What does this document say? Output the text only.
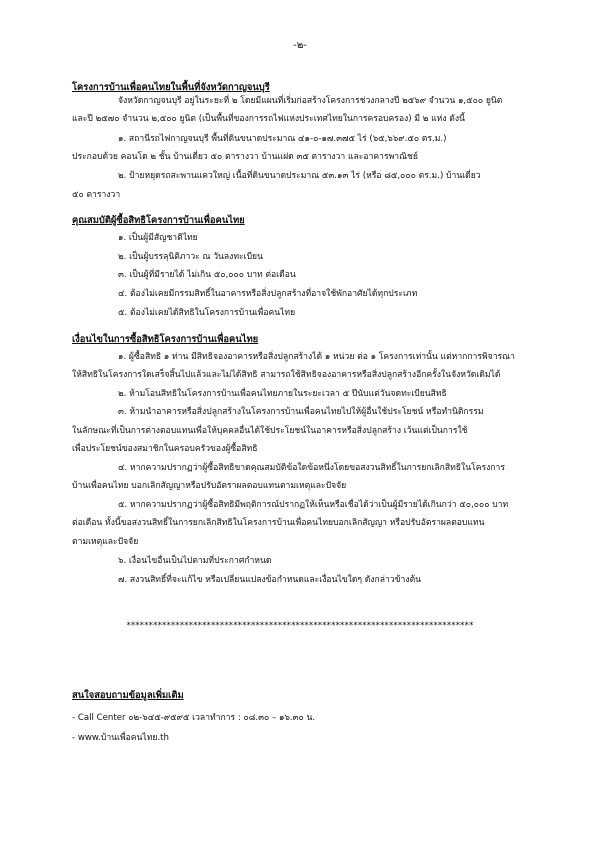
-๒-
โครงการบ้านเพื่อคนไทยในพื้นที่จังหวัดกาญจนบุรี
จังหวัดกาญจนบุรี อยู่ในระยะที่ ๒ โดยมีแผนที่เริ่มก่อสร้างโครงการช่วงกลางปี ๒๕๖๙ จำนวน ๑,๕๐๐ ยูนิต
และปี ๒๕๗๐ จำนวน ๒,๕๐๐ ยูนิต (เป็นพื้นที่ของการรถไฟแห่งประเทศไทยในการครอบครอง) มี ๒ แห่ง ดังนี้
๑. สถานีรถไฟกาญจนบุรี พื้นที่ดินขนาดประมาณ ๔๑-๐-๑๗.๓๗๕ ไร่ (๖๕,๖๖๙.๕๐ ตร.ม.)
ประกอบด้วย คอนโด ๒ ชั้น บ้านเดี่ยว ๕๐ ตารางวา บ้านแฝด ๓๕ ตารางวา และอาคารพาณิชย์
๒. ป้ายหยุดรถสะพานแควใหญ่ เนื้อที่ดินขนาดประมาณ ๕๓.๑๓ ไร่ (หรือ ๘๕,๐๐๐ ตร.ม.) บ้านเดี่ยว
๕๐ ตารางวา
คุณสมบัติผู้ซื้อสิทธิโครงการบ้านเพื่อคนไทย
๑. เป็นผู้มีสัญชาติไทย
๒. เป็นผู้บรรลุนิติภาวะ ณ วันลงทะเบียน
๓. เป็นผู้ที่มีรายได้ ไม่เกิน ๕๐,๐๐๐ บาท ต่อเดือน
๔. ต้องไม่เคยมีกรรมสิทธิ์ในอาคารหรือสิ่งปลูกสร้างที่อาจใช้พักอาศัยได้ทุกประเภท
๕. ต้องไม่เคยได้สิทธิในโครงการบ้านเพื่อคนไทย
เงื่อนไขในการซื้อสิทธิโครงการบ้านเพื่อคนไทย
๑. ผู้ซื้อสิทธิ ๑ ท่าน มีสิทธิจองอาคารหรือสิ่งปลูกสร้างได้ ๑ หน่วย ต่อ ๑ โครงการเท่านั้น แต่หากการพิจารณา
ให้สิทธิในโครงการใดเสร็จสิ้นไปแล้วและไม่ได้สิทธิ สามารถใช้สิทธิจองอาคารหรือสิ่งปลูกสร้างอีกครั้งในจังหวัดเดิมได้
๒. ห้ามโอนสิทธิในโครงการบ้านเพื่อคนไทยภายในระยะเวลา ๕ ปีนับแต่วันจดทะเบียนสิทธิ
๓. ห้ามนำอาคารหรือสิ่งปลูกสร้างในโครงการบ้านเพื่อคนไทยไปให้ผู้อื่นใช้ประโยชน์ หรือทำนิติกรรม
ในลักษณะที่เป็นการต่างตอบแทนเพื่อให้บุคคลอื่นได้ใช้ประโยชน์ในอาคารหรือสิ่งปลูกสร้าง เว้นแต่เป็นการใช้
เพื่อประโยชน์ของสมาชิกในครอบครัวของผู้ซื้อสิทธิ
๔. หากความปรากฏว่าผู้ซื้อสิทธิขาดคุณสมบัติข้อใดข้อหนึ่งโดยขอสงวนสิทธิ์ในการยกเลิกสิทธิในโครงการ
บ้านเพื่อคนไทย บอกเลิกสัญญาหรือปรับอัตราผลตอบแทนตามเหตุและปัจจัย
๕. หากความปรากฏว่าผู้ซื้อสิทธิมีพฤติการณ์ปรากฏให้เห็นหรือเชื่อได้ว่าเป็นผู้มีรายได้เกินกว่า ๕๐,๐๐๐ บาท
ต่อเดือน ทั้งนี้ขอสงวนสิทธิ์ในการยกเลิกสิทธิในโครงการบ้านเพื่อคนไทยบอกเลิกสัญญา หรือปรับอัตราผลตอบแทน
ตามเหตุและปัจจัย
๖. เงื่อนไขอื่นเป็นไปตามที่ประกาศกำหนด
๗. สงวนสิทธิ์ที่จะแก้ไข หรือเปลี่ยนแปลงข้อกำหนดและเงื่อนไขใดๆ ดังกล่าวข้างต้น
******************************************************************************
สนใจสอบถามข้อมูลเพิ่มเติม
- Call Center ๐๒-๖๔๕-๙๕๙๕ เวลาทำการ : ๐๘.๓๐ – ๑๖.๓๐ น.
- www.บ้านเพื่อคนไทย.th
